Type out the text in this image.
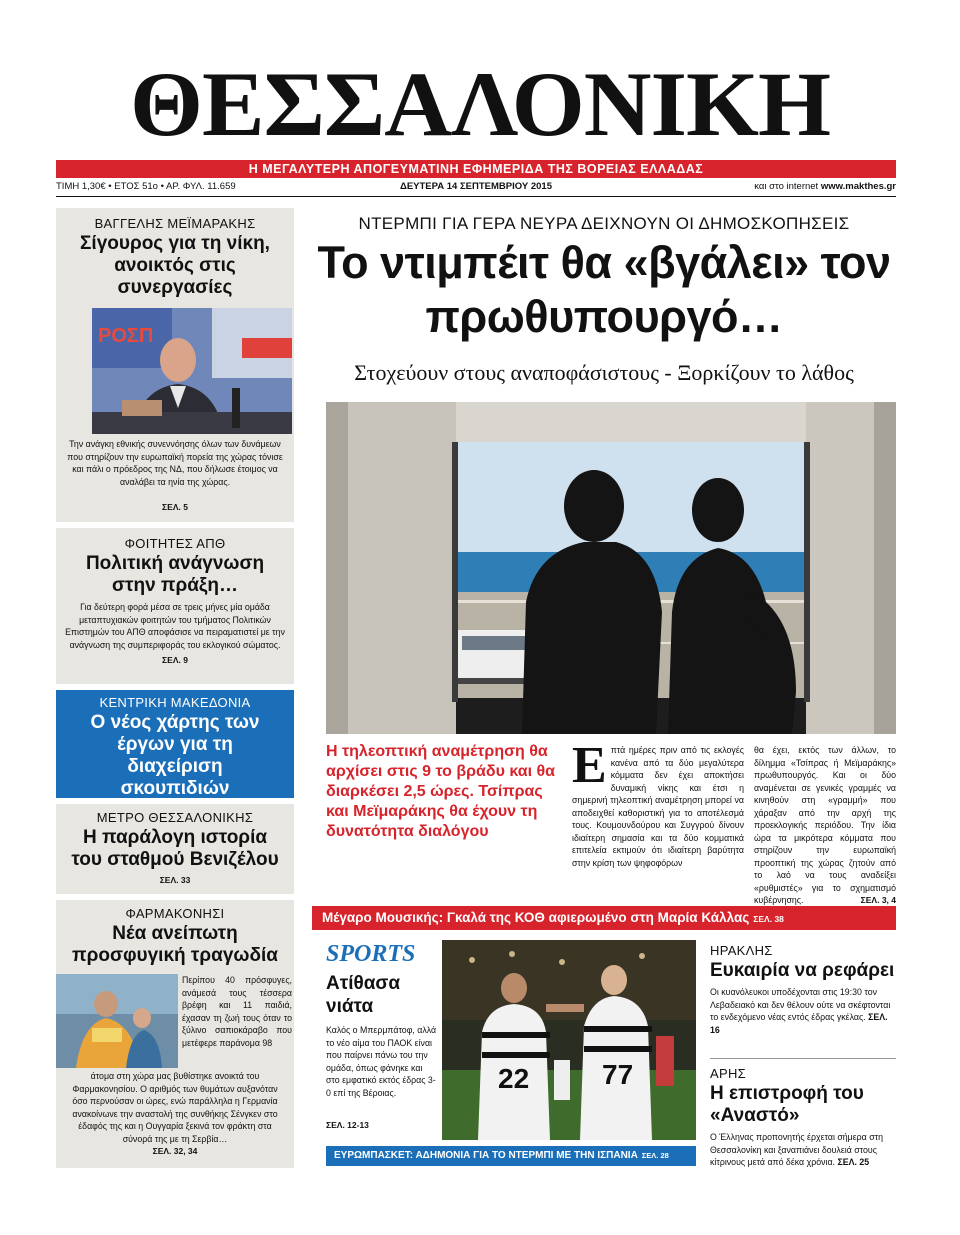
ΘΕΣΣΑΛΟΝΙΚΗ
Η ΜΕΓΑΛΥΤΕΡΗ ΑΠΟΓΕΥΜΑΤΙΝΗ ΕΦΗΜΕΡΙΔΑ ΤΗΣ ΒΟΡΕΙΑΣ ΕΛΛΑΔΑΣ
ΤΙΜΗ 1,30€ • ΕΤΟΣ 51ο • ΑΡ. ΦΥΛ. 11.659	ΔΕΥΤΕΡΑ 14 ΣΕΠΤΕΜΒΡΙΟΥ 2015	και στο internet www.makthes.gr
ΒΑΓΓΕΛΗΣ ΜΕΪΜΑΡΑΚΗΣ
Σίγουρος για τη νίκη, ανοικτός στις συνεργασίες
ΡΟΣΠ
Την ανάγκη εθνικής συνεννόησης όλων των δυνάμεων που στηρίζουν την ευρωπαϊκή πορεία της χώρας τόνισε και πάλι ο πρόεδρος της ΝΔ, που δήλωσε έτοιμος να αναλάβει τα ηνία της χώρας.
ΣΕΛ. 5
ΦΟΙΤΗΤΕΣ ΑΠΘ
Πολιτική ανάγνωση στην πράξη…
Για δεύτερη φορά μέσα σε τρεις μήνες μία ομάδα μεταπτυχιακών φοιτητών του τμήματος Πολιτικών Επιστημών του ΑΠΘ αποφάσισε να πειραματιστεί με την ανάγνωση της συμπεριφοράς του εκλογικού σώματος.
ΣΕΛ. 9
ΚΕΝΤΡΙΚΗ ΜΑΚΕΔΟΝΙΑ
Ο νέος χάρτης των έργων για τη διαχείριση σκουπιδιών
ΜΕΤΡΟ ΘΕΣΣΑΛΟΝΙΚΗΣ
Η παράλογη ιστορία του σταθμού Βενιζέλου
ΣΕΛ. 33
ΦΑΡΜΑΚΟΝΗΣΙ
Νέα ανείπωτη προσφυγική τραγωδία
Περίπου 40 πρόσφυγες, ανάμεσά τους τέσσερα βρέφη και 11 παιδιά, έχασαν τη ζωή τους όταν το ξύλινο σαπιοκάραβο που μετέφερε παράνομα 98
άτομα στη χώρα μας βυθίστηκε ανοικτά του Φαρμακονησίου. Ο αριθμός των θυμάτων αυξανόταν όσο περνούσαν οι ώρες, ενώ παράλληλα η Γερμανία ανακοίνωνε την αναστολή της συνθήκης Σένγκεν στο έδαφός της και η Ουγγαρία ξεκινά τον φράκτη στα σύνορά της με τη Σερβία…
ΣΕΛ. 32, 34
ΝΤΕΡΜΠΙ ΓΙΑ ΓΕΡΑ ΝΕΥΡΑ ΔΕΙΧΝΟΥΝ ΟΙ ΔΗΜΟΣΚΟΠΗΣΕΙΣ
Το ντιμπέιτ θα «βγάλει» τον πρωθυπουργό…
Στοχεύουν στους αναποφάσιστους - Ξορκίζουν το λάθος
Η τηλεοπτική αναμέτρηση θα αρχίσει στις 9 το βράδυ και θα διαρκέσει 2,5 ώρες. Τσίπρας και Μεϊμαράκης θα έχουν τη δυνατότητα διαλόγου
Επτά ημέρες πριν από τις εκλογές κανένα από τα δύο μεγαλύτερα κόμματα δεν έχει αποκτήσει δυναμική νίκης και έτσι η σημερινή τηλεοπτική αναμέτρηση μπορεί να αποδειχθεί καθοριστική για το αποτέλεσμά τους. Κουμουνδούρου και Συγγρού δίνουν ιδιαίτερη σημασία και τα δύο κομματικά επιτελεία εκτιμούν ότι ιδιαίτερη βαρύτητα στην κρίση των ψηφοφόρων
θα έχει, εκτός των άλλων, το δίλημμα «Τσίπρας ή Μεϊμαράκης» πρωθυπουργός. Και οι δύο αναμένεται σε γενικές γραμμές να κινηθούν στη «γραμμή» που χάραξαν από την αρχή της προεκλογικής περιόδου. Την ίδια ώρα τα μικρότερα κόμματα που στηρίζουν την ευρωπαϊκή προοπτική της χώρας ζητούν από το λαό να τους αναδείξει «ρυθμιστές» για το σχηματισμό κυβέρνησης.	ΣΕΛ. 3, 4
Μέγαρο Μουσικής: Γκαλά της ΚΟΘ αφιερωμένο στη Μαρία Κάλλας ΣΕΛ. 38
SPORTS
Ατίθασα νιάτα
Καλός ο Μπερμπάτοφ, αλλά το νέο αίμα του ΠΑΟΚ είναι που παίρνει πάνω του την ομάδα, όπως φάνηκε και στο εμφατικό εκτός έδρας 3-0 επί της Βέροιας.
ΣΕΛ. 12-13
22	77
ΗΡΑΚΛΗΣ
Ευκαιρία να ρεφάρει
Οι κυανόλευκοι υποδέχονται στις 19:30 τον Λεβαδειακό και δεν θέλουν ούτε να σκέφτονται το ενδεχόμενο νέας εντός έδρας γκέλας. ΣΕΛ. 16
ΑΡΗΣ
Η επιστροφή του «Αναστό»
Ο Έλληνας προπονητής έρχεται σήμερα στη Θεσσαλονίκη και ξαναπιάνει δουλειά στους κίτρινους μετά από δέκα χρόνια. ΣΕΛ. 25
ΕΥΡΩΜΠΑΣΚΕΤ: ΑΔΗΜΟΝΙΑ ΓΙΑ ΤΟ ΝΤΕΡΜΠΙ ΜΕ ΤΗΝ ΙΣΠΑΝΙΑ ΣΕΛ. 28
